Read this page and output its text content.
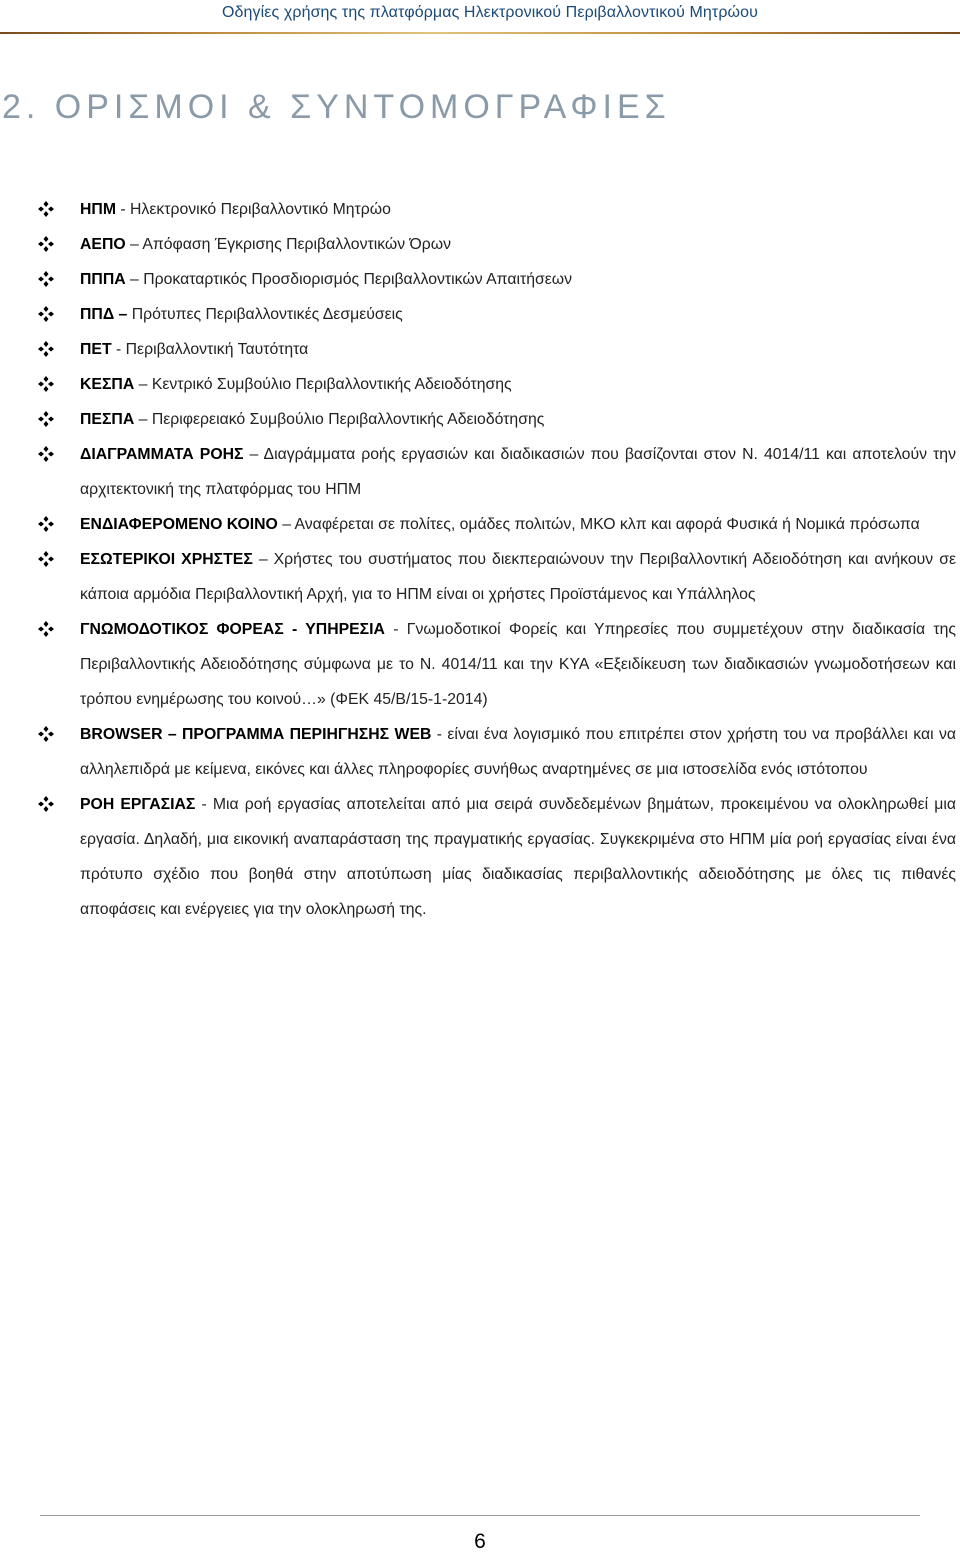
Οδηγίες χρήσης της πλατφόρμας Ηλεκτρονικού Περιβαλλοντικού Μητρώου
2. ΟΡΙΣΜΟΙ & ΣΥΝΤΟΜΟΓΡΑΦΙΕΣ
ΗΠΜ - Ηλεκτρονικό Περιβαλλοντικό Μητρώο
ΑΕΠΟ – Απόφαση Έγκρισης Περιβαλλοντικών Όρων
ΠΠΠΑ – Προκαταρτικός Προσδιορισμός Περιβαλλοντικών Απαιτήσεων
ΠΠΔ – Πρότυπες Περιβαλλοντικές Δεσμεύσεις
ΠΕΤ - Περιβαλλοντική Ταυτότητα
ΚΕΣΠΑ – Κεντρικό Συμβούλιο Περιβαλλοντικής Αδειοδότησης
ΠΕΣΠΑ – Περιφερειακό Συμβούλιο Περιβαλλοντικής Αδειοδότησης
ΔΙΑΓΡΑΜΜΑΤΑ ΡΟΗΣ – Διαγράμματα ροής εργασιών και διαδικασιών που βασίζονται στον Ν. 4014/11 και αποτελούν την αρχιτεκτονική της πλατφόρμας του ΗΠΜ
ΕΝΔΙΑΦΕΡΟΜΕΝΟ ΚΟΙΝΟ – Αναφέρεται σε πολίτες, ομάδες πολιτών, ΜΚΟ κλπ και αφορά Φυσικά ή Νομικά πρόσωπα
ΕΣΩΤΕΡΙΚΟΙ ΧΡΗΣΤΕΣ – Χρήστες του συστήματος που διεκπεραιώνουν την Περιβαλλοντική Αδειοδότηση και ανήκουν σε κάποια αρμόδια Περιβαλλοντική Αρχή, για το ΗΠΜ είναι οι χρήστες Προϊστάμενος και Υπάλληλος
ΓΝΩΜΟΔΟΤΙΚΟΣ ΦΟΡΕΑΣ - ΥΠΗΡΕΣΙΑ - Γνωμοδοτικοί Φορείς και Υπηρεσίες που συμμετέχουν στην διαδικασία της Περιβαλλοντικής Αδειοδότησης σύμφωνα με το Ν. 4014/11 και την ΚΥΑ «Εξειδίκευση των διαδικασιών γνωμοδοτήσεων και τρόπου ενημέρωσης του κοινού…» (ΦΕΚ 45/Β/15-1-2014)
BROWSER – ΠΡΟΓΡΑΜΜΑ ΠΕΡΙΗΓΗΣΗΣ WEB - είναι ένα λογισμικό που επιτρέπει στον χρήστη του να προβάλλει και να αλληλεπιδρά με κείμενα, εικόνες και άλλες πληροφορίες συνήθως αναρτημένες σε μια ιστοσελίδα ενός ιστότοπου
ΡΟΗ ΕΡΓΑΣΙΑΣ - Μια ροή εργασίας αποτελείται από μια σειρά συνδεδεμένων βημάτων, προκειμένου να ολοκληρωθεί μια εργασία. Δηλαδή, μια εικονική αναπαράσταση της πραγματικής εργασίας. Συγκεκριμένα στο ΗΠΜ μία ροή εργασίας είναι ένα πρότυπο σχέδιο που βοηθά στην αποτύπωση μίας διαδικασίας περιβαλλοντικής αδειοδότησης με όλες τις πιθανές αποφάσεις και ενέργειες για την ολοκληρωσή της.
6
